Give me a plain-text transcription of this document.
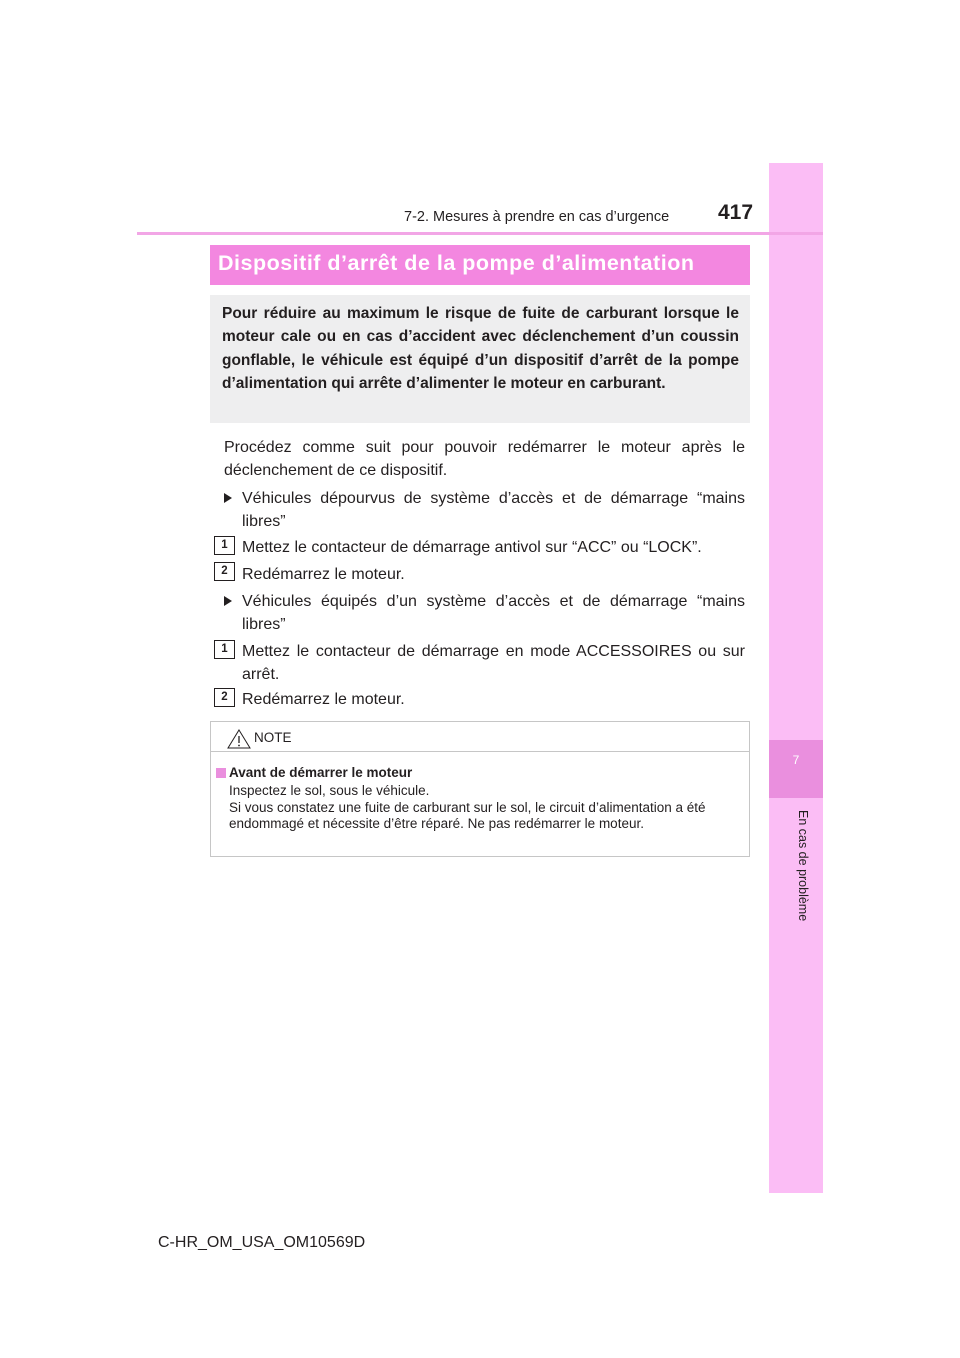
7
En cas de problème
7-2. Mesures à prendre en cas d’urgence 417
Dispositif d’arrêt de la pompe d’alimentation
Pour réduire au maximum le risque de fuite de carburant lorsque le moteur cale ou en cas d’accident avec déclenchement d’un coussin gonflable, le véhicule est équipé d’un dispositif d’arrêt de la pompe d’alimentation qui arrête d’alimenter le moteur en carburant.
Procédez comme suit pour pouvoir redémarrer le moteur après le déclenchement de ce dispositif.
Véhicules dépourvus de système d’accès et de démarrage “mains libres”
1 Mettez le contacteur de démarrage antivol sur “ACC” ou “LOCK”.
2 Redémarrez le moteur.
Véhicules équipés d’un système d’accès et de démarrage “mains libres”
1 Mettez le contacteur de démarrage en mode ACCESSOIRES ou sur arrêt.
2 Redémarrez le moteur.
NOTE
Avant de démarrer le moteur
Inspectez le sol, sous le véhicule.
Si vous constatez une fuite de carburant sur le sol, le circuit d’alimentation a été endommagé et nécessite d’être réparé. Ne pas redémarrer le moteur.
C-HR_OM_USA_OM10569D
